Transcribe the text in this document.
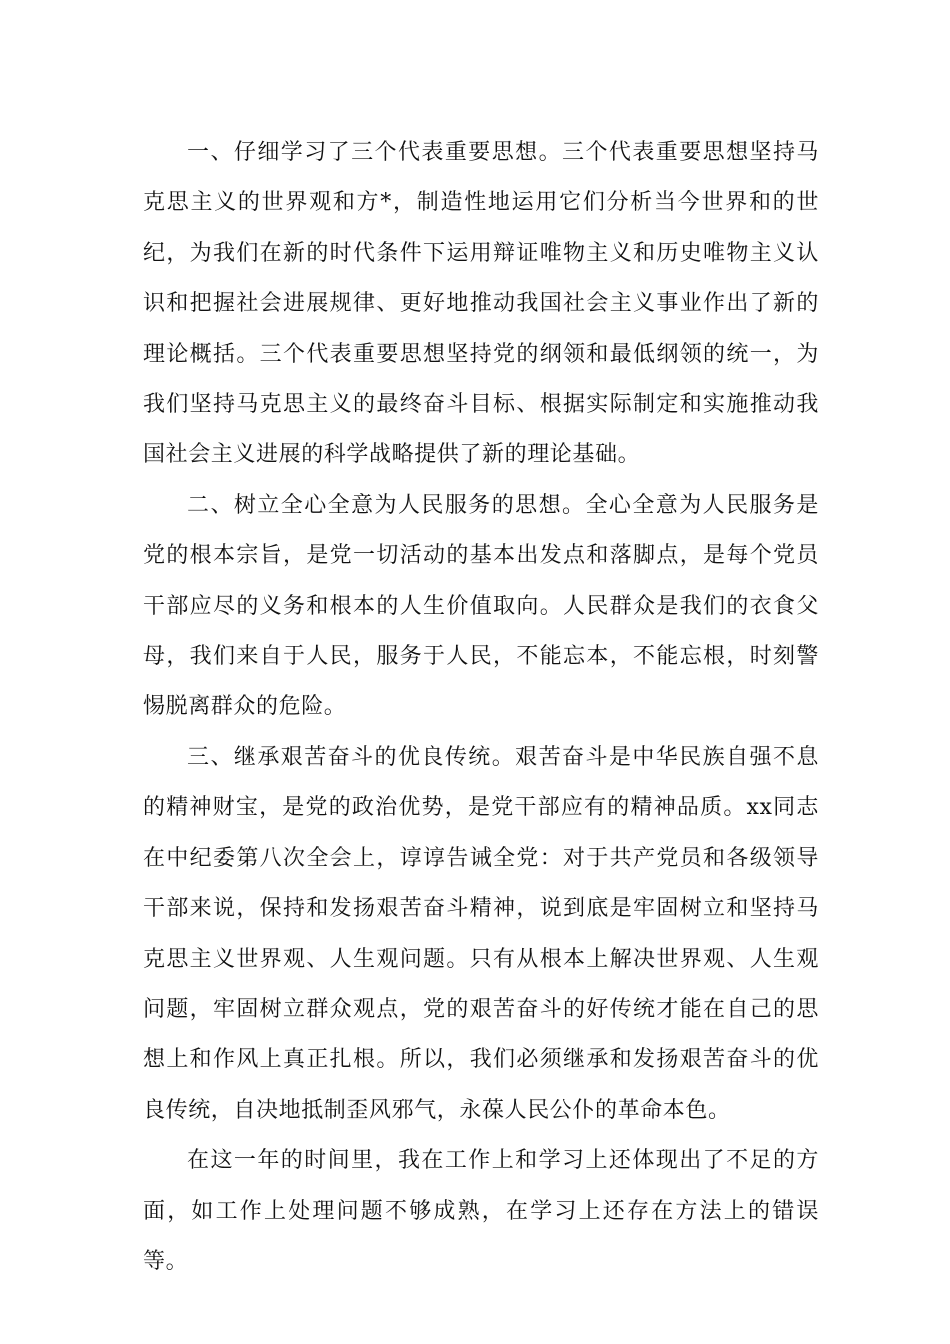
一、仔细学习了三个代表重要思想。三个代表重要思想坚持马克思主义的世界观和方*，制造性地运用它们分析当今世界和的世纪，为我们在新的时代条件下运用辩证唯物主义和历史唯物主义认识和把握社会进展规律、更好地推动我国社会主义事业作出了新的理论概括。三个代表重要思想坚持党的纲领和最低纲领的统一，为我们坚持马克思主义的最终奋斗目标、根据实际制定和实施推动我国社会主义进展的科学战略提供了新的理论基础。

二、树立全心全意为人民服务的思想。全心全意为人民服务是党的根本宗旨，是党一切活动的基本出发点和落脚点，是每个党员干部应尽的义务和根本的人生价值取向。人民群众是我们的衣食父母，我们来自于人民，服务于人民，不能忘本，不能忘根，时刻警惕脱离群众的危险。

三、继承艰苦奋斗的优良传统。艰苦奋斗是中华民族自强不息的精神财宝，是党的政治优势，是党干部应有的精神品质。xx同志在中纪委第八次全会上，谆谆告诫全党：对于共产党员和各级领导干部来说，保持和发扬艰苦奋斗精神，说到底是牢固树立和坚持马克思主义世界观、人生观问题。只有从根本上解决世界观、人生观问题，牢固树立群众观点，党的艰苦奋斗的好传统才能在自己的思想上和作风上真正扎根。所以，我们必须继承和发扬艰苦奋斗的优良传统，自决地抵制歪风邪气，永葆人民公仆的革命本色。

在这一年的时间里，我在工作上和学习上还体现出了不足的方面，如工作上处理问题不够成熟，在学习上还存在方法上的错误等。
